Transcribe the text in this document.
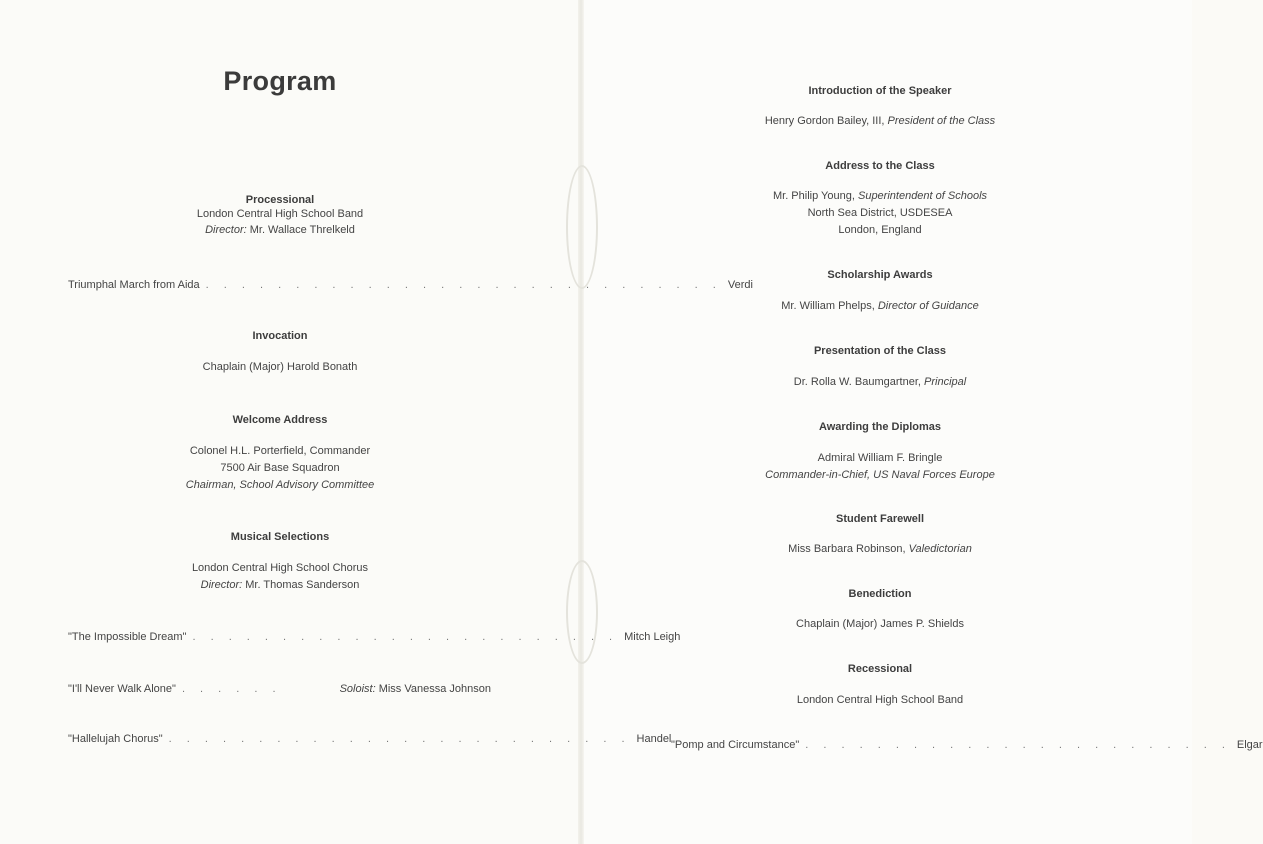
Program
Processional
London Central High School Band
Director: Mr. Wallace Threlkeld
Triumphal March from Aida . . . . . . . . . . . . . . . . . . . . . . . . . . . . . Verdi
Invocation
Chaplain (Major) Harold Bonath
Welcome Address
Colonel H.L. Porterfield, Commander
7500 Air Base Squadron
Chairman, School Advisory Committee
Musical Selections
London Central High School Chorus
Director: Mr. Thomas Sanderson
"The Impossible Dream" . . . . . . . . . . . . . . . . . . . . . . . . Mitch Leigh
"I'll Never Walk Alone" . . . . . .	Soloist: Miss Vanessa Johnson
"Hallelujah Chorus" . . . . . . . . . . . . . . . . . . . . . . . . . . Handel
Introduction of the Speaker
Henry Gordon Bailey, III, President of the Class
Address to the Class
Mr. Philip Young, Superintendent of Schools
North Sea District, USDESEA
London, England
Scholarship Awards
Mr. William Phelps, Director of Guidance
Presentation of the Class
Dr. Rolla W. Baumgartner, Principal
Awarding the Diplomas
Admiral William F. Bringle
Commander-in-Chief, US Naval Forces Europe
Student Farewell
Miss Barbara Robinson, Valedictorian
Benediction
Chaplain (Major) James P. Shields
Recessional
London Central High School Band
"Pomp and Circumstance" . . . . . . . . . . . . . . . . . . . . . . . . Elgar
